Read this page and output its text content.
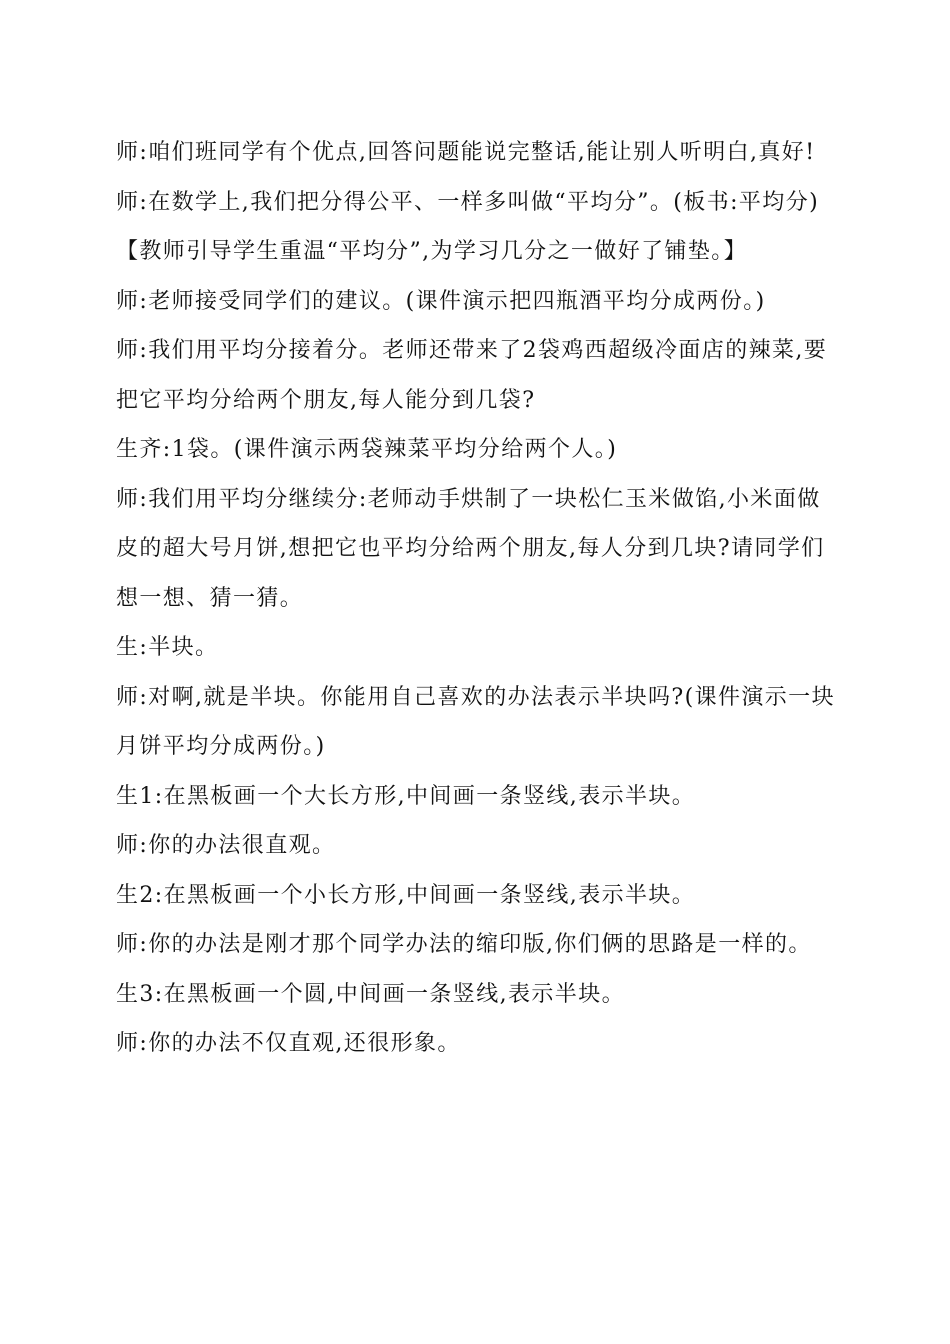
师:咱们班同学有个优点,回答问题能说完整话,能让别人听明白,真好!

师:在数学上,我们把分得公平、一样多叫做“平均分”。(板书:平均分)

【教师引导学生重温“平均分”,为学习几分之一做好了铺垫。】

师:老师接受同学们的建议。(课件演示把四瓶酒平均分成两份。)

师:我们用平均分接着分。老师还带来了2袋鸡西超级冷面店的辣菜,要把它平均分给两个朋友,每人能分到几袋?

生齐:1袋。(课件演示两袋辣菜平均分给两个人。)

师:我们用平均分继续分:老师动手烘制了一块松仁玉米做馅,小米面做皮的超大号月饼,想把它也平均分给两个朋友,每人分到几块?请同学们想一想、猜一猜。

生:半块。

师:对啊,就是半块。你能用自己喜欢的办法表示半块吗?(课件演示一块月饼平均分成两份。)

生1:在黑板画一个大长方形,中间画一条竖线,表示半块。

师:你的办法很直观。

生2:在黑板画一个小长方形,中间画一条竖线,表示半块。

师:你的办法是刚才那个同学办法的缩印版,你们俩的思路是一样的。

生3:在黑板画一个圆,中间画一条竖线,表示半块。

师:你的办法不仅直观,还很形象。
